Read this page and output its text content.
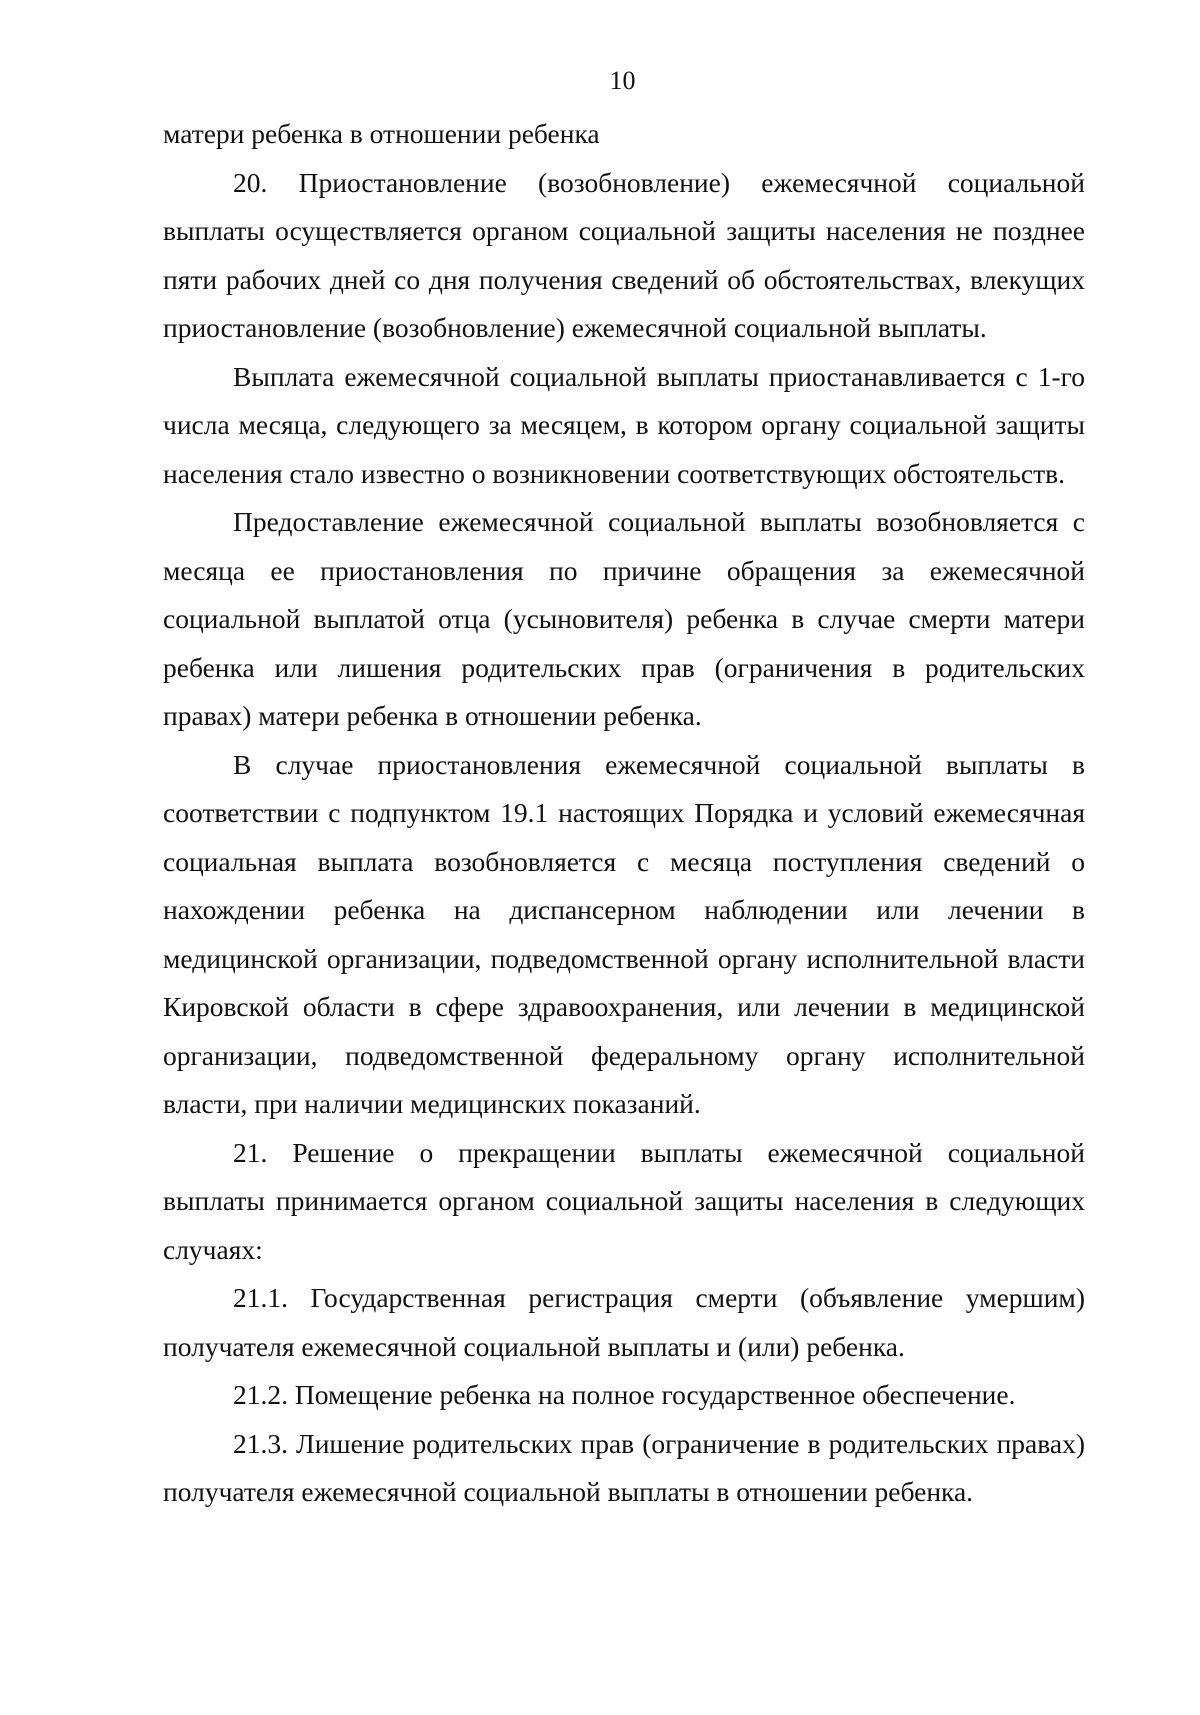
10

матери ребенка в отношении ребенка

20. Приостановление (возобновление) ежемесячной социальной выплаты осуществляется органом социальной защиты населения не позднее пяти рабочих дней со дня получения сведений об обстоятельствах, влекущих приостановление (возобновление) ежемесячной социальной выплаты.

Выплата ежемесячной социальной выплаты приостанавливается с 1-го числа месяца, следующего за месяцем, в котором органу социальной защиты населения стало известно о возникновении соответствующих обстоятельств.

Предоставление ежемесячной социальной выплаты возобновляется с месяца ее приостановления по причине обращения за ежемесячной социальной выплатой отца (усыновителя) ребенка в случае смерти матери ребенка или лишения родительских прав (ограничения в родительских правах) матери ребенка в отношении ребенка.

В случае приостановления ежемесячной социальной выплаты в соответствии с подпунктом 19.1 настоящих Порядка и условий ежемесячная социальная выплата возобновляется с месяца поступления сведений о нахождении ребенка на диспансерном наблюдении или лечении в медицинской организации, подведомственной органу исполнительной власти Кировской области в сфере здравоохранения, или лечении в медицинской организации, подведомственной федеральному органу исполнительной власти, при наличии медицинских показаний.

21. Решение о прекращении выплаты ежемесячной социальной выплаты принимается органом социальной защиты населения в следующих случаях:

21.1. Государственная регистрация смерти (объявление умершим) получателя ежемесячной социальной выплаты и (или) ребенка.

21.2. Помещение ребенка на полное государственное обеспечение.

21.3. Лишение родительских прав (ограничение в родительских правах) получателя ежемесячной социальной выплаты в отношении ребенка.
